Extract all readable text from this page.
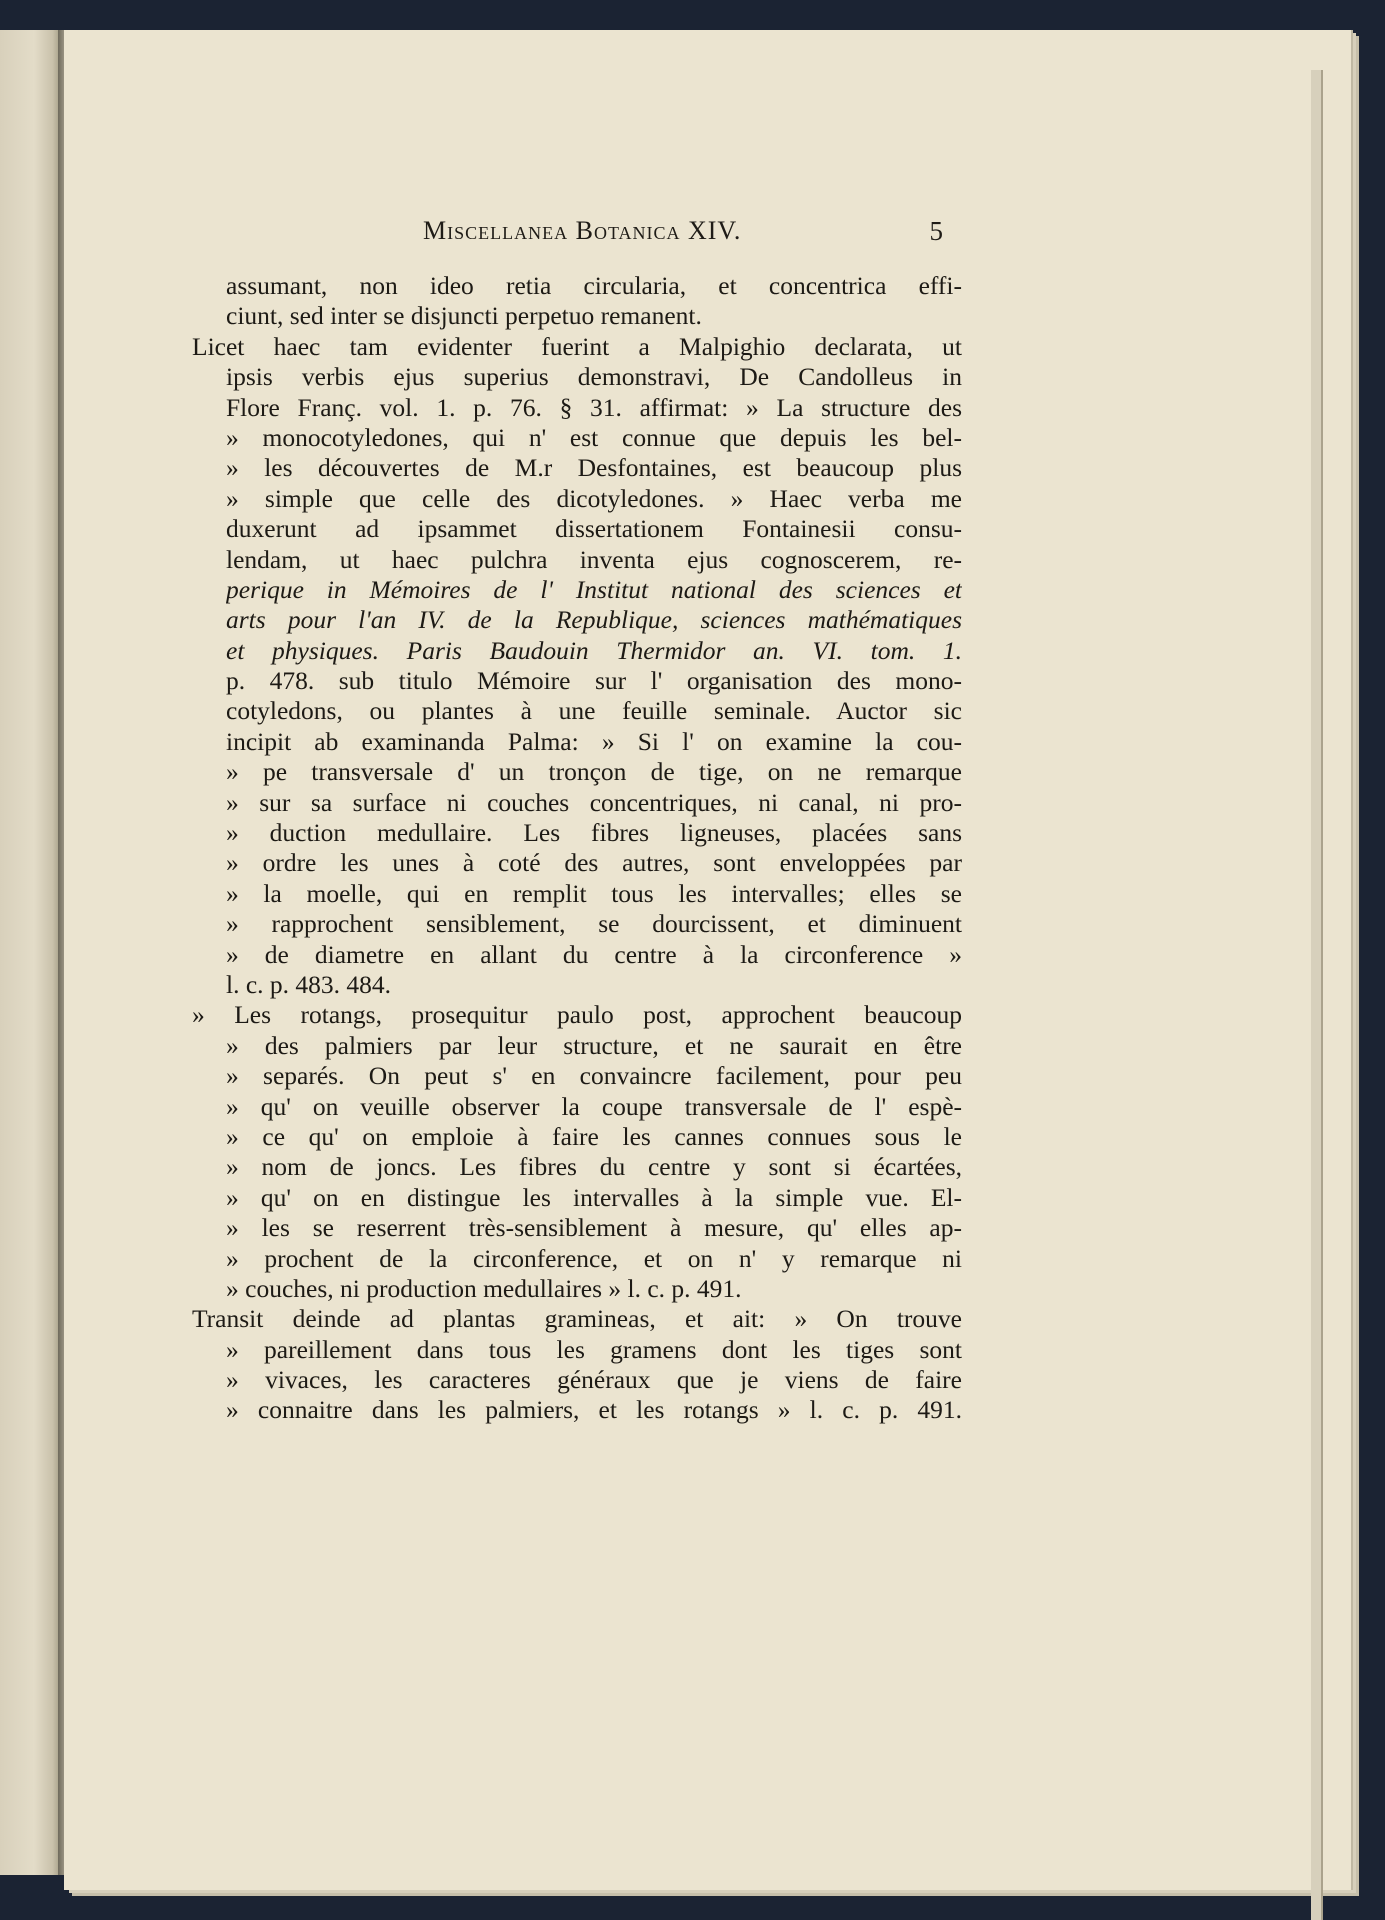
Miscellanea Botanica XIV.	5
assumant, non ideo retia circularia, et concentrica effi-
ciunt, sed inter se disjuncti perpetuo remanent.
Licet haec tam evidenter fuerint a Malpighio declarata, ut
ipsis verbis ejus superius demonstravi, De Candolleus in
Flore Franç. vol. 1. p. 76. § 31. affirmat: » La structure des
» monocotyledones, qui n' est connue que depuis les bel-
» les découvertes de M.r Desfontaines, est beaucoup plus
» simple que celle des dicotyledones. » Haec verba me
duxerunt ad ipsammet dissertationem Fontainesii consu-
lendam, ut haec pulchra inventa ejus cognoscerem, re-
perique in Mémoires de l' Institut national des sciences et
arts pour l'an IV. de la Republique, sciences mathématiques
et physiques. Paris Baudouin Thermidor an. VI. tom. 1.
p. 478. sub titulo Mémoire sur l' organisation des mono-
cotyledons, ou plantes à une feuille seminale. Auctor sic
incipit ab examinanda Palma: » Si l' on examine la cou-
» pe transversale d' un tronçon de tige, on ne remarque
» sur sa surface ni couches concentriques, ni canal, ni pro-
» duction medullaire. Les fibres ligneuses, placées sans
» ordre les unes à coté des autres, sont enveloppées par
» la moelle, qui en remplit tous les intervalles; elles se
» rapprochent sensiblement, se dourcissent, et diminuent
» de diametre en allant du centre à la circonference »
l. c. p. 483. 484.
» Les rotangs, prosequitur paulo post, approchent beaucoup
» des palmiers par leur structure, et ne saurait en être
» separés. On peut s' en convaincre facilement, pour peu
» qu' on veuille observer la coupe transversale de l' espè-
» ce qu' on emploie à faire les cannes connues sous le
» nom de joncs. Les fibres du centre y sont si écartées,
» qu' on en distingue les intervalles à la simple vue. El-
» les se reserrent très-sensiblement à mesure, qu' elles ap-
» prochent de la circonference, et on n' y remarque ni
» couches, ni production medullaires » l. c. p. 491.
Transit deinde ad plantas gramineas, et ait: » On trouve
» pareillement dans tous les gramens dont les tiges sont
» vivaces, les caracteres généraux que je viens de faire
» connaitre dans les palmiers, et les rotangs » l. c. p. 491.
